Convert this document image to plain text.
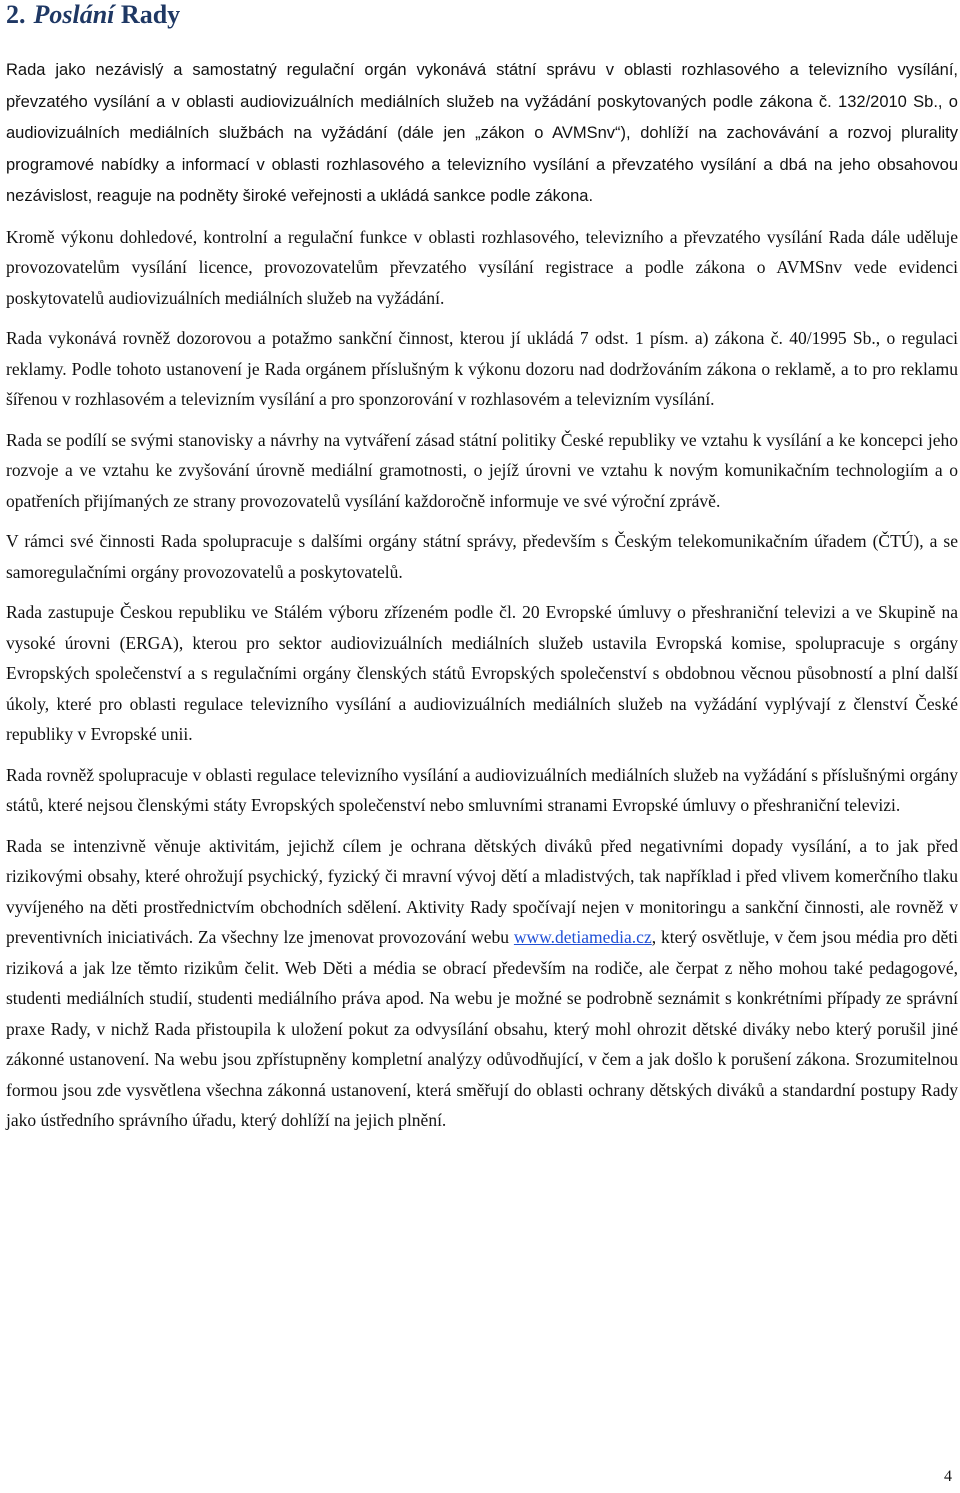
2. Poslání Rady

Rada jako nezávislý a samostatný regulační orgán vykonává státní správu v oblasti rozhlasového a televizního vysílání, převzatého vysílání a v oblasti audiovizuálních mediálních služeb na vyžádání poskytovaných podle zákona č. 132/2010 Sb., o audiovizuálních mediálních službách na vyžádání (dále jen „zákon o AVMSnv“), dohlíží na zachovávání a rozvoj plurality programové nabídky a informací v oblasti rozhlasového a televizního vysílání a převzatého vysílání a dbá na jeho obsahovou nezávislost, reaguje na podněty široké veřejnosti a ukládá sankce podle zákona.

Kromě výkonu dohledové, kontrolní a regulační funkce v oblasti rozhlasového, televizního a převzatého vysílání Rada dále uděluje provozovatelům vysílání licence, provozovatelům převzatého vysílání registrace a podle zákona o AVMSnv vede evidenci poskytovatelů audiovizuálních mediálních služeb na vyžádání.

Rada vykonává rovněž dozorovou a potažmo sankční činnost, kterou jí ukládá 7 odst. 1 písm. a) zákona č. 40/1995 Sb., o regulaci reklamy. Podle tohoto ustanovení je Rada orgánem příslušným k výkonu dozoru nad dodržováním zákona o reklamě, a to pro reklamu šířenou v rozhlasovém a televizním vysílání a pro sponzorování v rozhlasovém a televizním vysílání.

Rada se podílí se svými stanovisky a návrhy na vytváření zásad státní politiky České republiky ve vztahu k vysílání a ke koncepci jeho rozvoje a ve vztahu ke zvyšování úrovně mediální gramotnosti, o jejíž úrovni ve vztahu k novým komunikačním technologiím a o opatřeních přijímaných ze strany provozovatelů vysílání každoročně informuje ve své výroční zprávě.

V rámci své činnosti Rada spolupracuje s dalšími orgány státní správy, především s Českým telekomunikačním úřadem (ČTÚ), a se samoregulačními orgány provozovatelů a poskytovatelů.

Rada zastupuje Českou republiku ve Stálém výboru zřízeném podle čl. 20 Evropské úmluvy o přeshraniční televizi a ve Skupině na vysoké úrovni (ERGA), kterou pro sektor audiovizuálních mediálních služeb ustavila Evropská komise, spolupracuje s orgány Evropských společenství a s regulačními orgány členských států Evropských společenství s obdobnou věcnou působností a plní další úkoly, které pro oblasti regulace televizního vysílání a audiovizuálních mediálních služeb na vyžádání vyplývají z členství České republiky v Evropské unii.

Rada rovněž spolupracuje v oblasti regulace televizního vysílání a audiovizuálních mediálních služeb na vyžádání s příslušnými orgány států, které nejsou členskými státy Evropských společenství nebo smluvními stranami Evropské úmluvy o přeshraniční televizi.

Rada se intenzivně věnuje aktivitám, jejichž cílem je ochrana dětských diváků před negativními dopady vysílání, a to jak před rizikovými obsahy, které ohrožují psychický, fyzický či mravní vývoj dětí a mladistvých, tak například i před vlivem komerčního tlaku vyvíjeného na děti prostřednictvím obchodních sdělení. Aktivity Rady spočívají nejen v monitoringu a sankční činnosti, ale rovněž v preventivních iniciativách. Za všechny lze jmenovat provozování webu www.detiamedia.cz, který osvětluje, v čem jsou média pro děti riziková a jak lze těmto rizikům čelit. Web Děti a média se obrací především na rodiče, ale čerpat z něho mohou také pedagogové, studenti mediálních studií, studenti mediálního práva apod. Na webu je možné se podrobně seznámit s konkrétními případy ze správní praxe Rady, v nichž Rada přistoupila k uložení pokut za odvysílání obsahu, který mohl ohrozit dětské diváky nebo který porušil jiné zákonné ustanovení. Na webu jsou zpřístupněny kompletní analýzy odůvodňující, v čem a jak došlo k porušení zákona. Srozumitelnou formou jsou zde vysvětlena všechna zákonná ustanovení, která směřují do oblasti ochrany dětských diváků a standardní postupy Rady jako ústředního správního úřadu, který dohlíží na jejich plnění.

4
